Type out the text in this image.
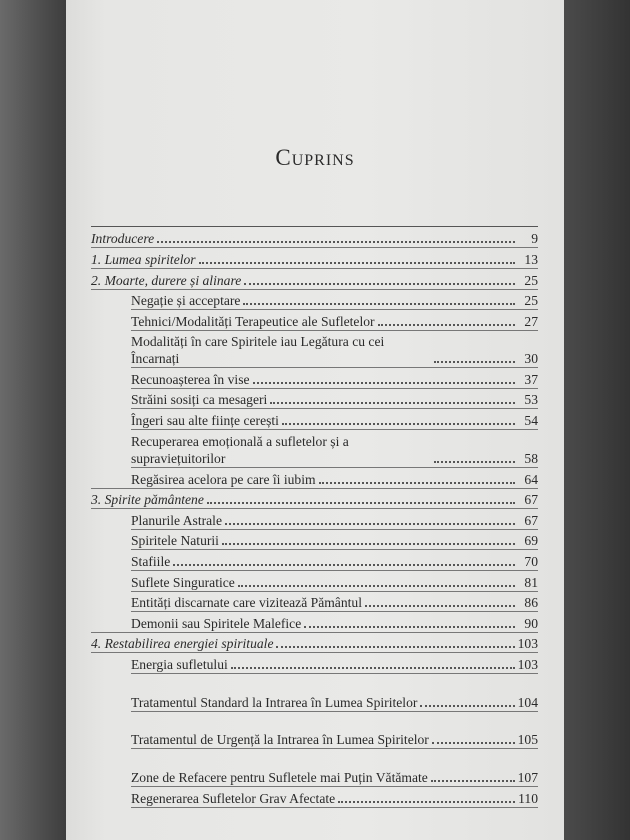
Cuprins
Introducere	9
1. Lumea spiritelor	13
2. Moarte, durere și alinare	25
Negație și acceptare	25
Tehnici/Modalități Terapeutice ale Sufletelor	27
Modalități în care Spiritele iau Legătura cu cei Încarnați	30
Recunoașterea în vise	37
Străini sosiți ca mesageri	53
Îngeri sau alte ființe cerești	54
Recuperarea emoțională a sufletelor și a supraviețuitorilor	58
Regăsirea acelora pe care îi iubim	64
3. Spirite pământene	67
Planurile Astrale	67
Spiritele Naturii	69
Stafiile	70
Suflete Singuratice	81
Entități discarnate care vizitează Pământul	86
Demonii sau Spiritele Malefice	90
4. Restabilirea energiei spirituale	103
Energia sufletului	103
Tratamentul Standard la Intrarea în Lumea Spiritelor	104
Tratamentul de Urgență la Intrarea în Lumea Spiritelor	105
Zone de Refacere pentru Sufletele mai Puțin Vătămate	107
Regenerarea Sufletelor Grav Afectate	110
